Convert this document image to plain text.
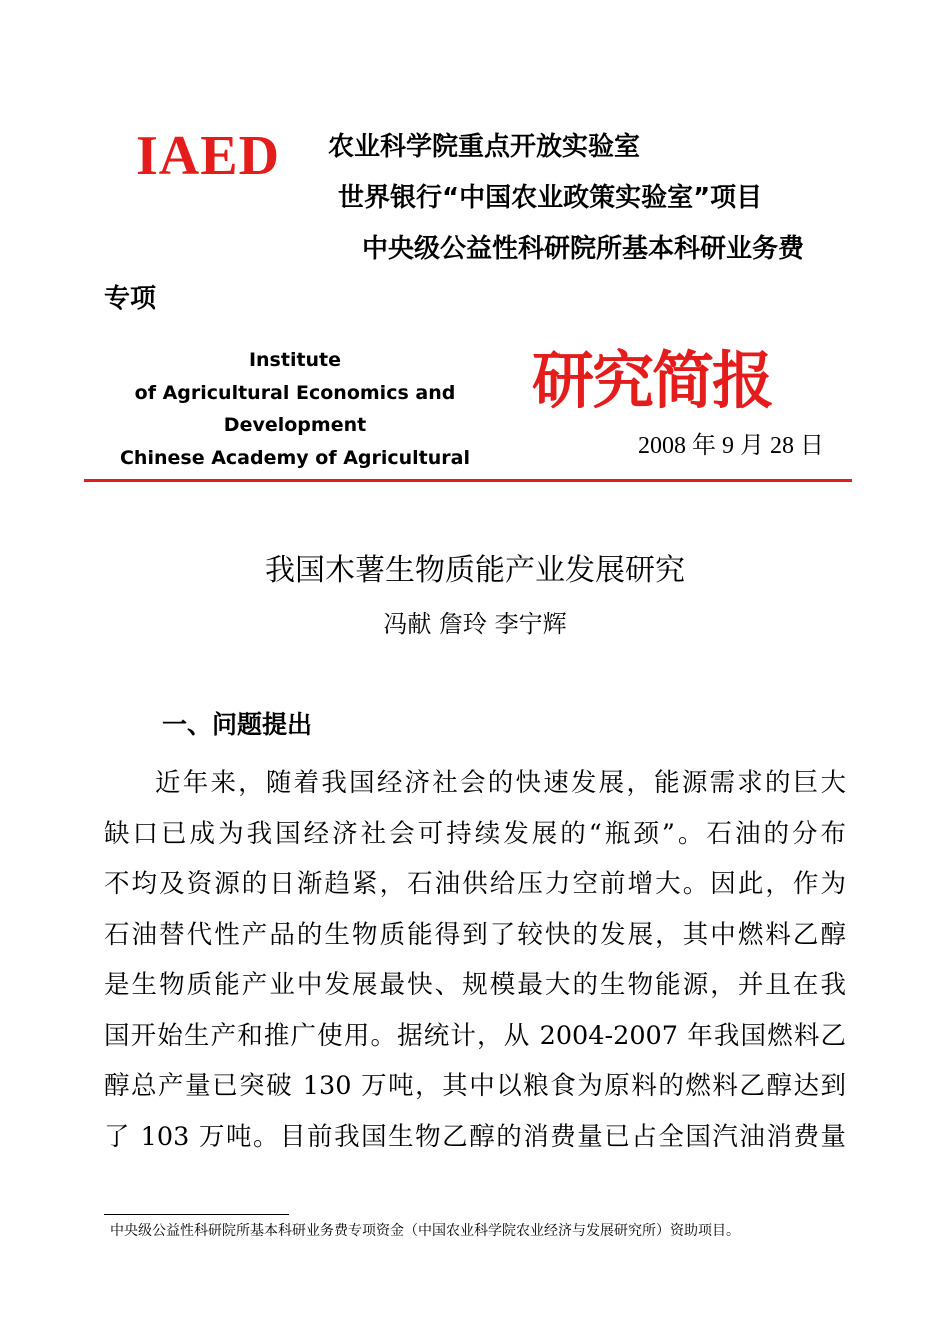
IAED 农业科学院重点开放实验室
世界银行“中国农业政策实验室”项目
中央级公益性科研院所基本科研业务费
专项
Institute
of Agricultural Economics and
Development
Chinese Academy of Agricultural
研究简报
2008 年 9 月 28 日
我国木薯生物质能产业发展研究
冯献 詹玲 李宁辉
一、问题提出
近年来，随着我国经济社会的快速发展，能源需求的巨大
缺口已成为我国经济社会可持续发展的“瓶颈”。石油的分布
不均及资源的日渐趋紧，石油供给压力空前增大。因此，作为
石油替代性产品的生物质能得到了较快的发展，其中燃料乙醇
是生物质能产业中发展最快、规模最大的生物能源，并且在我
国开始生产和推广使用。据统计，从 2004-2007 年我国燃料乙
醇总产量已突破 130 万吨，其中以粮食为原料的燃料乙醇达到
了 103 万吨。目前我国生物乙醇的消费量已占全国汽油消费量
中央级公益性科研院所基本科研业务费专项资金（中国农业科学院农业经济与发展研究所）资助项目。
